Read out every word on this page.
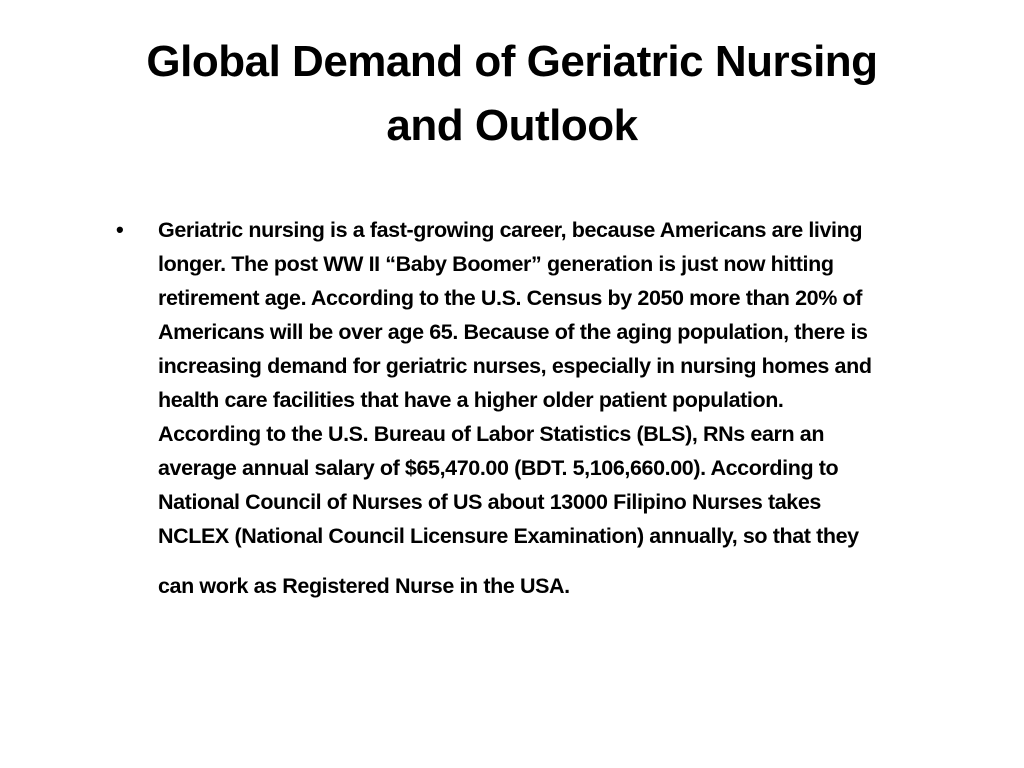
Global Demand of Geriatric Nursing
and Outlook
• Geriatric nursing is a fast-growing career, because Americans are living
longer. The post WW II “Baby Boomer” generation is just now hitting
retirement age. According to the U.S. Census by 2050 more than 20% of
Americans will be over age 65. Because of the aging population, there is
increasing demand for geriatric nurses, especially in nursing homes and
health care facilities that have a higher older patient population.
According to the U.S. Bureau of Labor Statistics (BLS), RNs earn an
average annual salary of $65,470.00 (BDT. 5,106,660.00). According to
National Council of Nurses of US about 13000 Filipino Nurses takes
NCLEX (National Council Licensure Examination) annually, so that they
can work as Registered Nurse in the USA.
